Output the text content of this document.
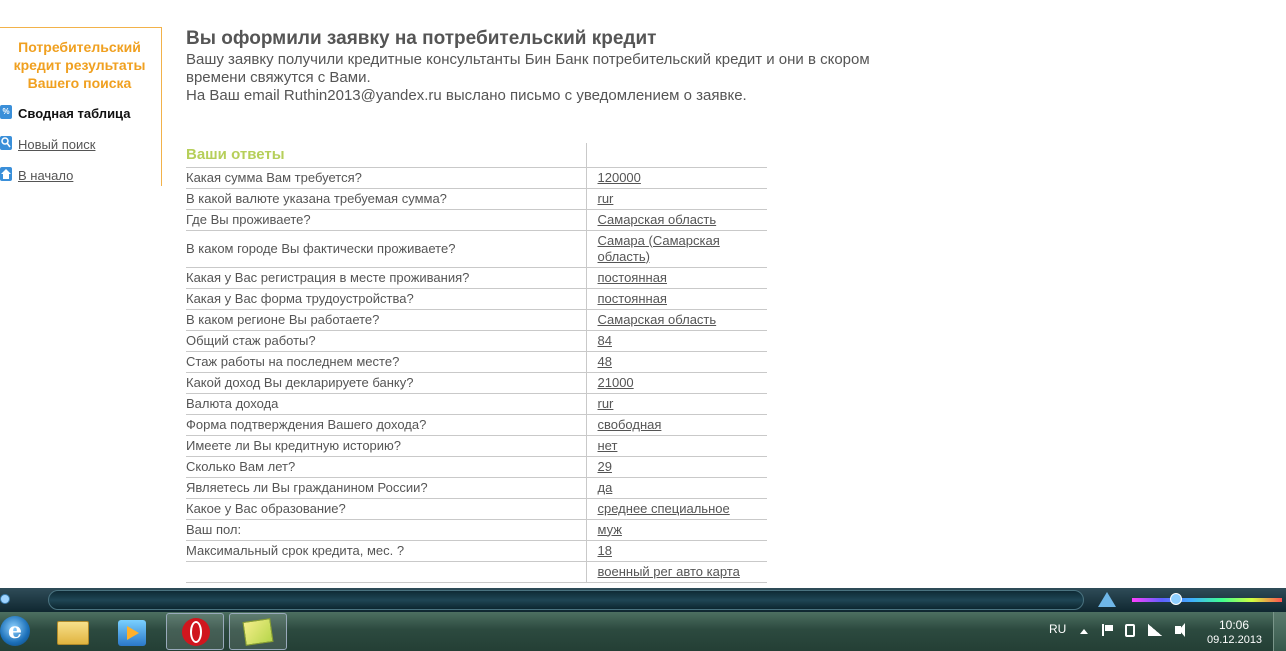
Потребительский
кредит результаты
Вашего поиска
% Сводная таблица
Новый поиск
В начало
Вы оформили заявку на потребительский кредит
Вашу заявку получили кредитные консультанты Бин Банк потребительский кредит и они в скором времени свяжутся с Вами.
На Ваш email Ruthin2013@yandex.ru выслано письмо с уведомлением о заявке.
Ваши ответы	
Какая сумма Вам требуется?	120000
В какой валюте указана требуемая сумма?	rur
Где Вы проживаете?	Самарская область
В каком городе Вы фактически проживаете?	Самара (Самарская область)
Какая у Вас регистрация в месте проживания?	постоянная
Какая у Вас форма трудоустройства?	постоянная
В каком регионе Вы работаете?	Самарская область
Общий стаж работы?	84
Стаж работы на последнем месте?	48
Какой доход Вы декларируете банку?	21000
Валюта дохода	rur
Форма подтверждения Вашего дохода?	свободная
Имеете ли Вы кредитную историю?	нет
Сколько Вам лет?	29
Являетесь ли Вы гражданином России?	да
Какое у Вас образование?	среднее специальное
Ваш пол:	муж
Максимальный срок кредита, мес. ?	18
	военный рег авто карта
e	RU	10:06
09.12.2013
